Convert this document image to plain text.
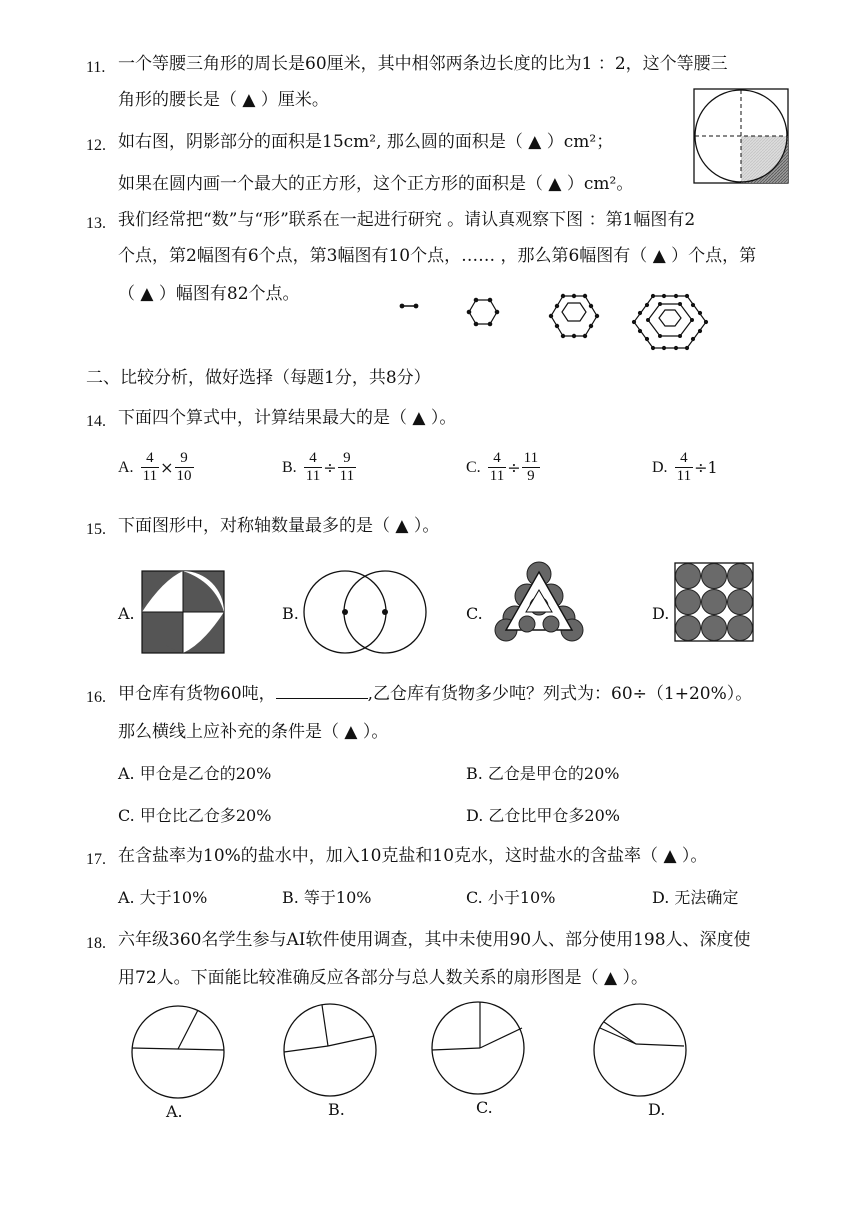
11. 一个等腰三角形的周长是60厘米，其中相邻两条边长度的比为1 ：2，这个等腰三
角形的腰长是（ ▲ ）厘米。
12. 如右图，阴影部分的面积是15cm², 那么圆的面积是（ ▲ ）cm²；
如果在圆内画一个最大的正方形，这个正方形的面积是（ ▲ ）cm²。
13. 我们经常把“数”与“形”联系在一起进行研究 。请认真观察下图 ：第1幅图有2
个点，第2幅图有6个点，第3幅图有10个点，…… ，那么第6幅图有（ ▲ ）个点，第
（ ▲ ）幅图有82个点。
二、比较分析，做好选择（每题1分，共8分）
14. 下面四个算式中，计算结果最大的是（ ▲ ）。
A. $\frac{4}{11} \times \frac{9}{10}$	B. $\frac{4}{11} \div \frac{9}{11}$	C. $\frac{4}{11} \div \frac{11}{9}$	D. $\frac{4}{11} \div 1$
15. 下面图形中，对称轴数量最多的是（ ▲ ）。
A.	B.	C.	D.
16. 甲仓库有货物60吨，	,乙仓库有货物多少吨？列式为：60÷（1+20%）。
那么横线上应补充的条件是（ ▲ ）。
A. 甲仓是乙仓的20%	B. 乙仓是甲仓的20%
C. 甲仓比乙仓多20%	D. 乙仓比甲仓多20%
17. 在含盐率为10%的盐水中，加入10克盐和10克水，这时盐水的含盐率（ ▲ ）。
A. 大于10%	B. 等于10%	C. 小于10%	D. 无法确定
18. 六年级360名学生参与AI软件使用调查，其中未使用90人、部分使用198人、深度使
用72人。下面能比较准确反应各部分与总人数关系的扇形图是（ ▲ ）。
A.	B.	C.	D.
